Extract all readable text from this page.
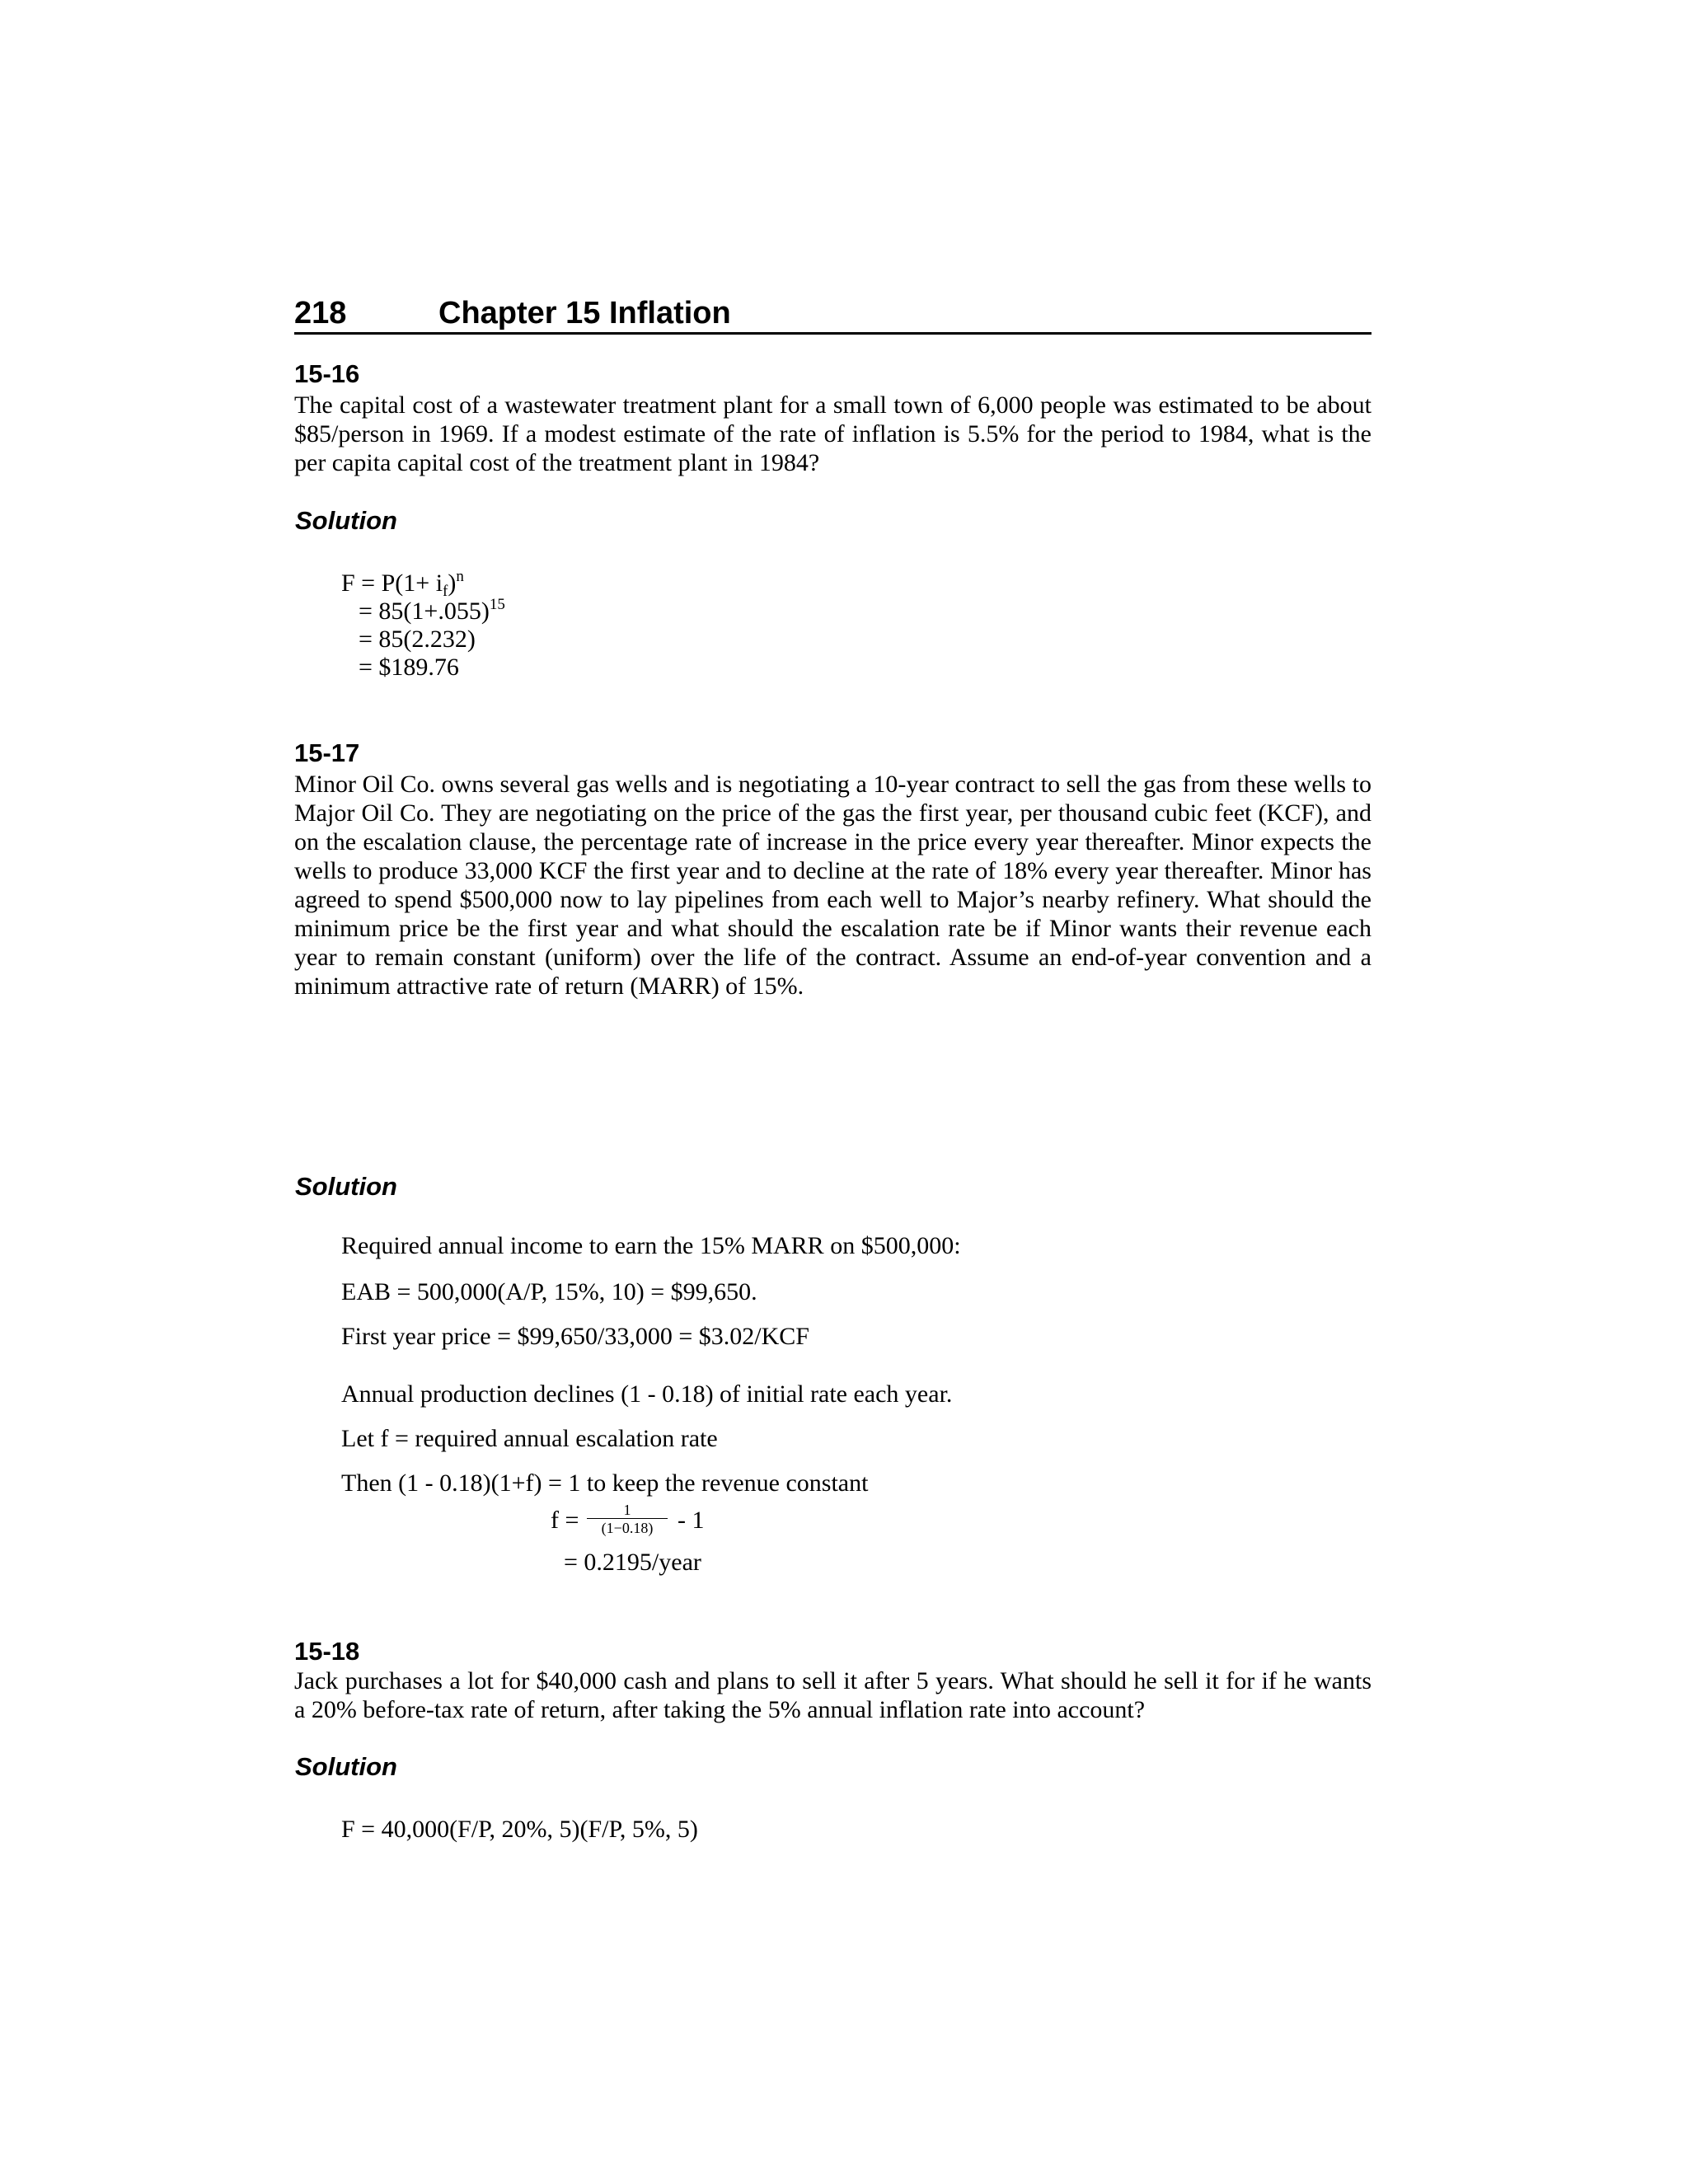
218	Chapter 15 Inflation
15-16
The capital cost of a wastewater treatment plant for a small town of 6,000 people was estimated to be about $85/person in 1969. If a modest estimate of the rate of inflation is 5.5% for the period to 1984, what is the per capita capital cost of the treatment plant in 1984?
Solution
$F = P(1+ i_f)^n$
= $85(1+.055)^{15}$
= 85(2.232)
= $189.76
15-17
Minor Oil Co. owns several gas wells and is negotiating a 10-year contract to sell the gas from these wells to Major Oil Co. They are negotiating on the price of the gas the first year, per thousand cubic feet (KCF), and on the escalation clause, the percentage rate of increase in the price every year thereafter. Minor expects the wells to produce 33,000 KCF the first year and to decline at the rate of 18% every year thereafter. Minor has agreed to spend $500,000 now to lay pipelines from each well to Major’s nearby refinery. What should the minimum price be the first year and what should the escalation rate be if Minor wants their revenue each year to remain constant (uniform) over the life of the contract. Assume an end-of-year convention and a minimum attractive rate of return (MARR) of 15%.
Solution
Required annual income to earn the 15% MARR on $500,000:
EAB = 500,000(A/P, 15%, 10) = $99,650.
First year price = $99,650/33,000 = $3.02/KCF
Annual production declines (1 - 0.18) of initial rate each year.
Let f = required annual escalation rate
Then (1 - 0.18)(1+f) = 1 to keep the revenue constant
f =	1
(1−0.18) - 1
= 0.2195/year
15-18
Jack purchases a lot for $40,000 cash and plans to sell it after 5 years. What should he sell it for if he wants a 20% before-tax rate of return, after taking the 5% annual inflation rate into account?
Solution
F = 40,000(F/P, 20%, 5)(F/P, 5%, 5)
